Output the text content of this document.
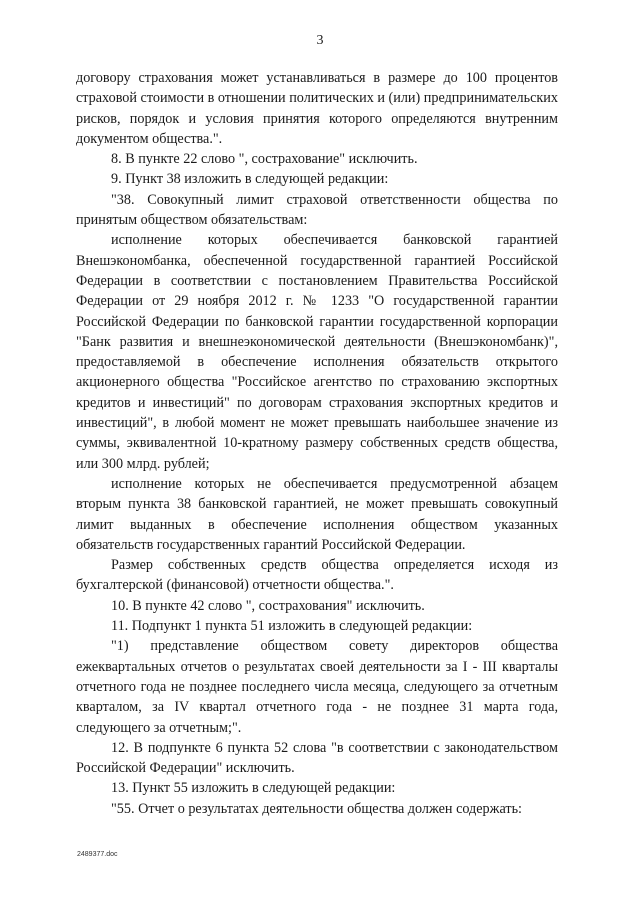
3

договору страхования может устанавливаться в размере до 100 процентов страховой стоимости в отношении политических и (или) предпринимательских рисков, порядок и условия принятия которого определяются внутренним документом общества.".

8. В пункте 22 слово ", сострахование" исключить.

9. Пункт 38 изложить в следующей редакции:

"38. Совокупный лимит страховой ответственности общества по принятым обществом обязательствам:

исполнение которых обеспечивается банковской гарантией Внешэкономбанка, обеспеченной государственной гарантией Российской Федерации в соответствии с постановлением Правительства Российской Федерации от 29 ноября 2012 г. № 1233 "О государственной гарантии Российской Федерации по банковской гарантии государственной корпорации "Банк развития и внешнеэкономической деятельности (Внешэкономбанк)", предоставляемой в обеспечение исполнения обязательств открытого акционерного общества "Российское агентство по страхованию экспортных кредитов и инвестиций" по договорам страхования экспортных кредитов и инвестиций", в любой момент не может превышать наибольшее значение из суммы, эквивалентной 10-кратному размеру собственных средств общества, или 300 млрд. рублей;

исполнение которых не обеспечивается предусмотренной абзацем вторым пункта 38 банковской гарантией, не может превышать совокупный лимит выданных в обеспечение исполнения обществом указанных обязательств государственных гарантий Российской Федерации.

Размер собственных средств общества определяется исходя из бухгалтерской (финансовой) отчетности общества.".

10. В пункте 42 слово ", сострахования" исключить.

11. Подпункт 1 пункта 51 изложить в следующей редакции:

"1) представление обществом совету директоров общества ежеквартальных отчетов о результатах своей деятельности за I - III кварталы отчетного года не позднее последнего числа месяца, следующего за отчетным кварталом, за IV квартал отчетного года - не позднее 31 марта года, следующего за отчетным;".

12. В подпункте 6 пункта 52 слова "в соответствии с законодательством Российской Федерации" исключить.

13. Пункт 55 изложить в следующей редакции:

"55. Отчет о результатах деятельности общества должен содержать:

2489377.doc
